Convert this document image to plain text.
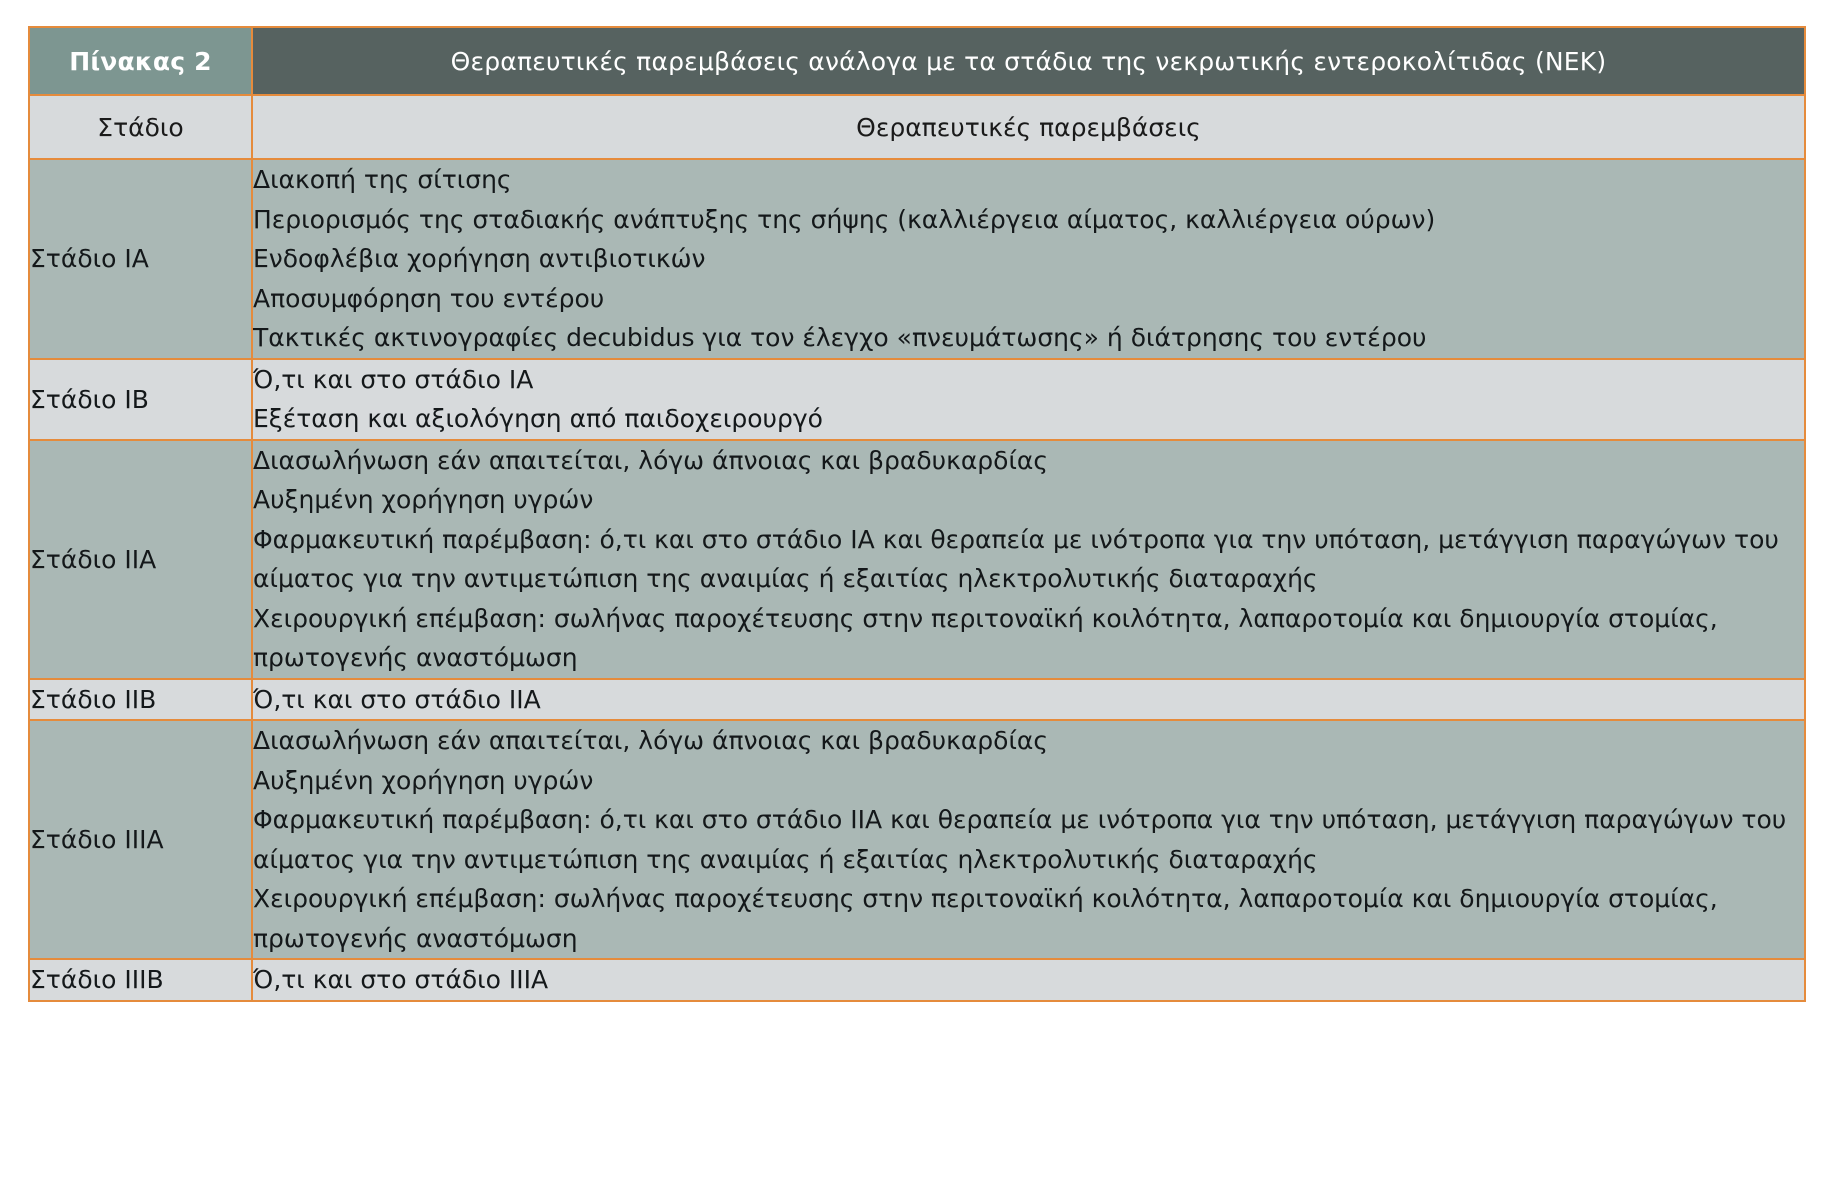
Πίνακας 2	Θεραπευτικές παρεμβάσεις ανάλογα με τα στάδια της νεκρωτικής εντεροκολίτιδας (ΝΕΚ)
Στάδιο	Θεραπευτικές παρεμβάσεις
Στάδιο ΙΑ	Διακοπή της σίτισης

Περιορισμός της σταδιακής ανάπτυξης της σήψης (καλλιέργεια αίματος, καλλιέργεια ούρων)

Ενδοφλέβια χορήγηση αντιβιοτικών

Αποσυμφόρηση του εντέρου

Τακτικές ακτινογραφίες decubidus για τον έλεγχο «πνευμάτωσης» ή διάτρησης του εντέρου

Στάδιο ΙΒ	Ό,τι και στο στάδιο ΙΑ

Εξέταση και αξιολόγηση από παιδοχειρουργό

Στάδιο ΙΙΑ	Διασωλήνωση εάν απαιτείται, λόγω άπνοιας και βραδυκαρδίας

Αυξημένη χορήγηση υγρών

Φαρμακευτική παρέμβαση: ό,τι και στο στάδιο ΙΑ και θεραπεία με ινότροπα για την υπόταση, μετάγγιση παραγώγων του αίματος για την αντιμετώπιση της αναιμίας ή εξαιτίας ηλεκτρολυτικής διαταραχής

Χειρουργική επέμβαση: σωλήνας παροχέτευσης στην περιτοναϊκή κοιλότητα, λαπαροτομία και δημιουργία στομίας, πρωτογενής αναστόμωση

Στάδιο ΙΙΒ	Ό,τι και στο στάδιο ΙΙΑ

Στάδιο ΙΙΙΑ	Διασωλήνωση εάν απαιτείται, λόγω άπνοιας και βραδυκαρδίας

Αυξημένη χορήγηση υγρών

Φαρμακευτική παρέμβαση: ό,τι και στο στάδιο ΙΙΑ και θεραπεία με ινότροπα για την υπόταση, μετάγγιση παραγώγων του αίματος για την αντιμετώπιση της αναιμίας ή εξαιτίας ηλεκτρολυτικής διαταραχής

Χειρουργική επέμβαση: σωλήνας παροχέτευσης στην περιτοναϊκή κοιλότητα, λαπαροτομία και δημιουργία στομίας, πρωτογενής αναστόμωση

Στάδιο ΙΙΙΒ	Ό,τι και στο στάδιο ΙΙΙΑ
